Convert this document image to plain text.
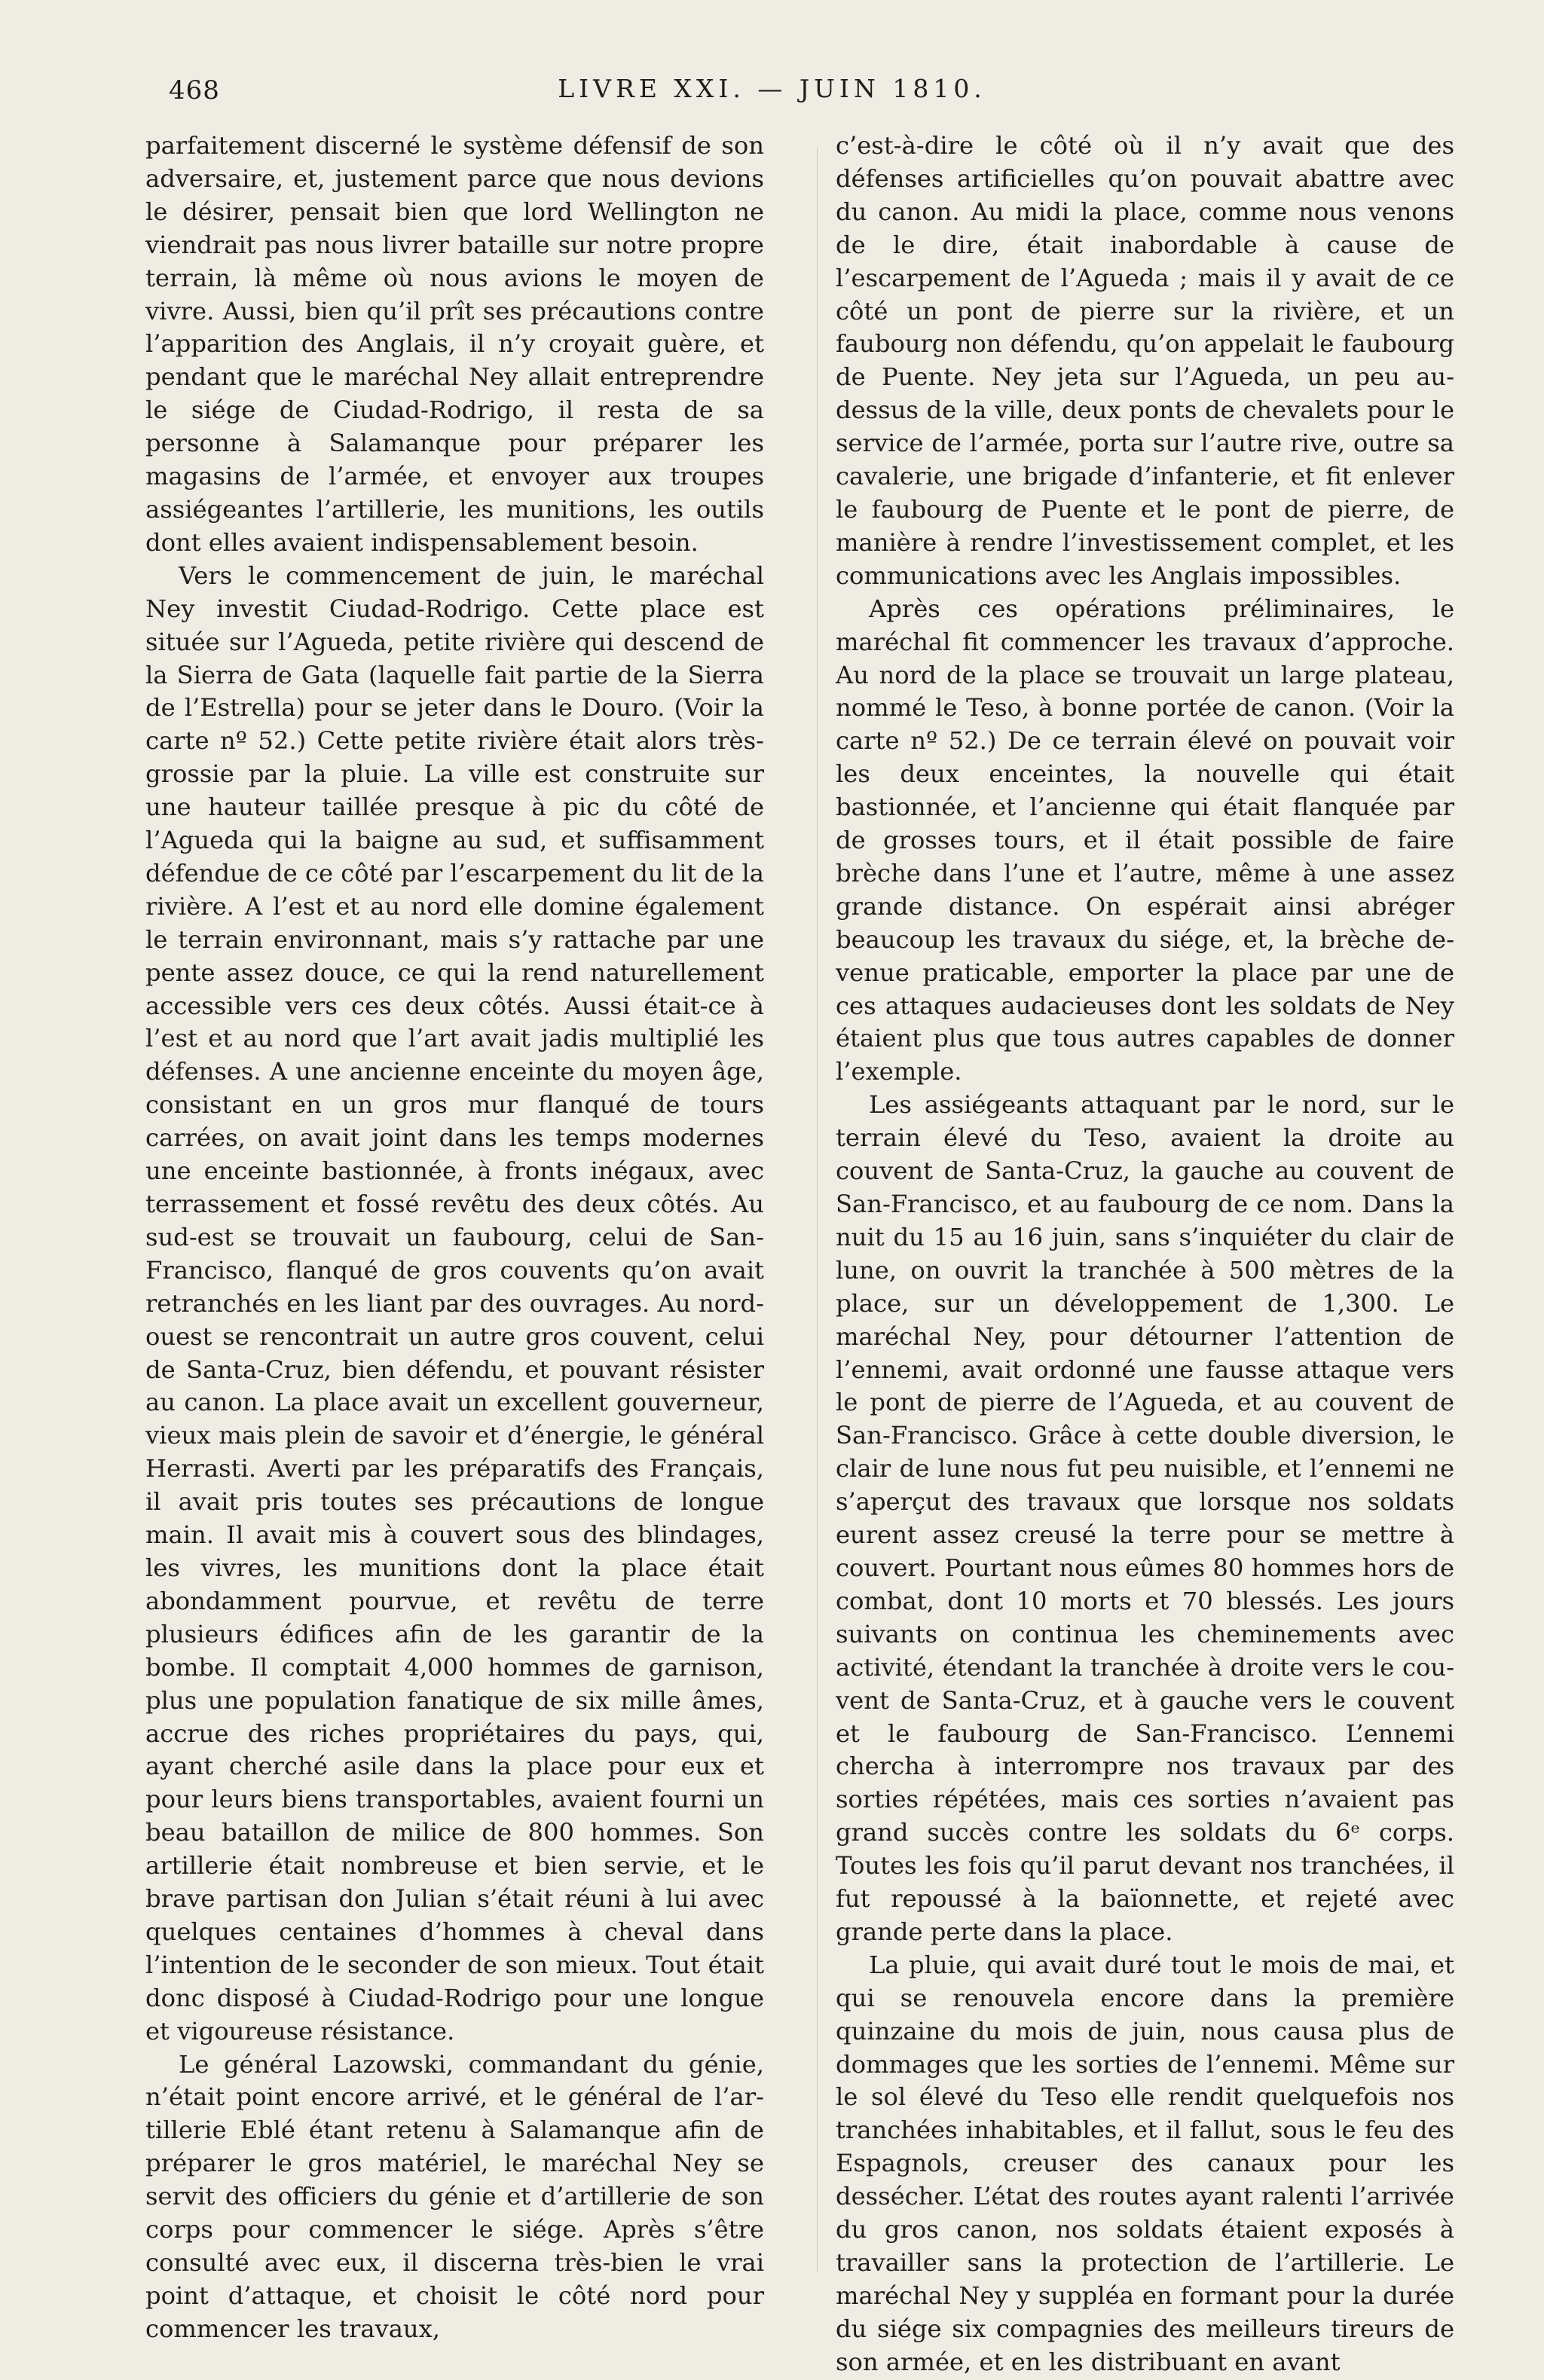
468	LIVRE XXI. — JUIN 1810.

parfaitement discerné le système défensif de son adversaire, et, justement parce que nous devions le désirer, pensait bien que lord Wellington ne viendrait pas nous livrer bataille sur notre propre terrain, là même où nous avions le moyen de vivre. Aussi, bien qu’il prît ses précautions contre l’apparition des Anglais, il n’y croyait guère, et pendant que le maréchal Ney allait entreprendre le siége de Ciudad-Rodrigo, il resta de sa personne à Salamanque pour préparer les magasins de l’armée, et envoyer aux troupes assiégeantes l’artillerie, les munitions, les outils dont elles avaient indispensablement besoin.

Vers le commencement de juin, le maréchal Ney investit Ciudad-Rodrigo. Cette place est située sur l’Agueda, petite rivière qui descend de la Sierra de Gata (laquelle fait partie de la Sierra de l’Estrella) pour se jeter dans le Douro. (Voir la carte nº 52.) Cette petite rivière était alors très-grossie par la pluie. La ville est construite sur une hauteur taillée presque à pic du côté de l’Agueda qui la baigne au sud, et suffisamment défendue de ce côté par l’escarpement du lit de la rivière. A l’est et au nord elle domine également le terrain environnant, mais s’y rattache par une pente assez douce, ce qui la rend naturellement accessible vers ces deux côtés. Aussi était-ce à l’est et au nord que l’art avait jadis multiplié les défenses. A une ancienne enceinte du moyen âge, consistant en un gros mur flanqué de tours carrées, on avait joint dans les temps modernes une enceinte bastionnée, à fronts inégaux, avec terrassement et fossé revêtu des deux côtés. Au sud-est se trouvait un faubourg, celui de San-Francisco, flanqué de gros couvents qu’on avait retranchés en les liant par des ouvrages. Au nord-ouest se rencontrait un autre gros couvent, celui de Santa-Cruz, bien défendu, et pouvant résister au canon. La place avait un excellent gouverneur, vieux mais plein de savoir et d’énergie, le général Herrasti. Averti par les préparatifs des Français, il avait pris toutes ses précautions de longue main. Il avait mis à couvert sous des blindages, les vivres, les munitions dont la place était abondamment pourvue, et revêtu de terre plusieurs édifices afin de les garantir de la bombe. Il comptait 4,000 hommes de garnison, plus une population fanatique de six mille âmes, accrue des riches propriétaires du pays, qui, ayant cherché asile dans la place pour eux et pour leurs biens transportables, avaient fourni un beau bataillon de milice de 800 hommes. Son artillerie était nombreuse et bien servie, et le brave partisan don Julian s’était réuni à lui avec quelques centaines d’hommes à cheval dans l’intention de le seconder de son mieux. Tout était donc disposé à Ciudad-Rodrigo pour une longue et vigoureuse résistance.

Le général Lazowski, commandant du génie, n’était point encore arrivé, et le général de l’artillerie Eblé étant retenu à Salamanque afin de préparer le gros matériel, le maréchal Ney se servit des officiers du génie et d’artillerie de son corps pour commencer le siége. Après s’être consulté avec eux, il discerna très-bien le vrai point d’attaque, et choisit le côté nord pour commencer les travaux,

c’est-à-dire le côté où il n’y avait que des défenses artificielles qu’on pouvait abattre avec du canon. Au midi la place, comme nous venons de le dire, était inabordable à cause de l’escarpement de l’Agueda ; mais il y avait de ce côté un pont de pierre sur la rivière, et un faubourg non défendu, qu’on appelait le faubourg de Puente. Ney jeta sur l’Agueda, un peu au-dessus de la ville, deux ponts de chevalets pour le service de l’armée, porta sur l’autre rive, outre sa cavalerie, une brigade d’infanterie, et fit enlever le faubourg de Puente et le pont de pierre, de manière à rendre l’investissement complet, et les communications avec les Anglais impossibles.

Après ces opérations préliminaires, le maréchal fit commencer les travaux d’approche. Au nord de la place se trouvait un large plateau, nommé le Teso, à bonne portée de canon. (Voir la carte nº 52.) De ce terrain élevé on pouvait voir les deux enceintes, la nouvelle qui était bastionnée, et l’ancienne qui était flanquée par de grosses tours, et il était possible de faire brèche dans l’une et l’autre, même à une assez grande distance. On espérait ainsi abréger beaucoup les travaux du siége, et, la brèche devenue praticable, emporter la place par une de ces attaques audacieuses dont les soldats de Ney étaient plus que tous autres capables de donner l’exemple.

Les assiégeants attaquant par le nord, sur le terrain élevé du Teso, avaient la droite au couvent de Santa-Cruz, la gauche au couvent de San-Francisco, et au faubourg de ce nom. Dans la nuit du 15 au 16 juin, sans s’inquiéter du clair de lune, on ouvrit la tranchée à 500 mètres de la place, sur un développement de 1,300. Le maréchal Ney, pour détourner l’attention de l’ennemi, avait ordonné une fausse attaque vers le pont de pierre de l’Agueda, et au couvent de San-Francisco. Grâce à cette double diversion, le clair de lune nous fut peu nuisible, et l’ennemi ne s’aperçut des travaux que lorsque nos soldats eurent assez creusé la terre pour se mettre à couvert. Pourtant nous eûmes 80 hommes hors de combat, dont 10 morts et 70 blessés. Les jours suivants on continua les cheminements avec activité, étendant la tranchée à droite vers le couvent de Santa-Cruz, et à gauche vers le couvent et le faubourg de San-Francisco. L’ennemi chercha à interrompre nos travaux par des sorties répétées, mais ces sorties n’avaient pas grand succès contre les soldats du 6ᵉ corps. Toutes les fois qu’il parut devant nos tranchées, il fut repoussé à la baïonnette, et rejeté avec grande perte dans la place.

La pluie, qui avait duré tout le mois de mai, et qui se renouvela encore dans la première quinzaine du mois de juin, nous causa plus de dommages que les sorties de l’ennemi. Même sur le sol élevé du Teso elle rendit quelquefois nos tranchées inhabitables, et il fallut, sous le feu des Espagnols, creuser des canaux pour les dessécher. L’état des routes ayant ralenti l’arrivée du gros canon, nos soldats étaient exposés à travailler sans la protection de l’artillerie. Le maréchal Ney y suppléa en formant pour la durée du siége six compagnies des meilleurs tireurs de son armée, et en les distribuant en avant
